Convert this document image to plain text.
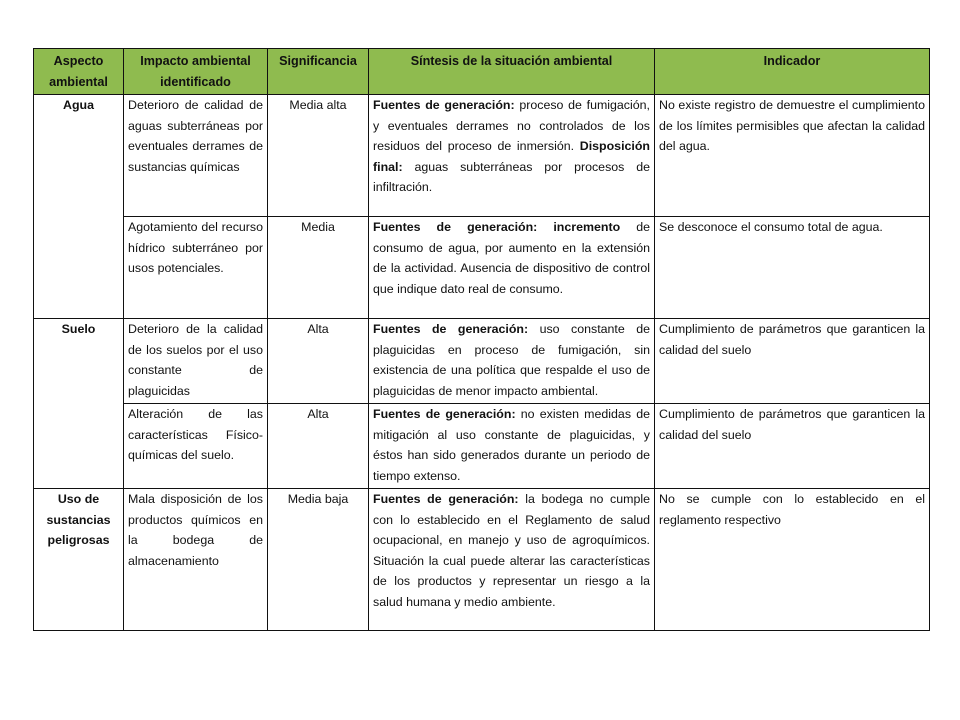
Aspecto ambiental	Impacto ambiental identificado	Significancia	Síntesis de la situación ambiental	Indicador
Agua	Deterioro de calidad de aguas subterráneas por eventuales derrames de sustancias químicas	Media alta	Fuentes de generación: proceso de fumigación, y eventuales derrames no controlados de los residuos del proceso de inmersión. Disposición final: aguas subterráneas por procesos de infiltración.	No existe registro de demuestre el cumplimiento de los límites permisibles que afectan la calidad del agua.
	Agotamiento del recurso hídrico subterráneo por usos potenciales.	Media	Fuentes de generación: incremento de consumo de agua, por aumento en la extensión de la actividad. Ausencia de dispositivo de control que indique dato real de consumo.	Se desconoce el consumo total de agua.
Suelo	Deterioro de la calidad de los suelos por el uso constante de plaguicidas	Alta	Fuentes de generación: uso constante de plaguicidas en proceso de fumigación, sin existencia de una política que respalde el uso de plaguicidas de menor impacto ambiental.	Cumplimiento de parámetros que garanticen la calidad del suelo
	Alteración de las características Físico-químicas del suelo.	Alta	Fuentes de generación: no existen medidas de mitigación al uso constante de plaguicidas, y éstos han sido generados durante un periodo de tiempo extenso.	Cumplimiento de parámetros que garanticen la calidad del suelo
Uso de sustancias peligrosas	Mala disposición de los productos químicos en la bodega de almacenamiento	Media baja	Fuentes de generación: la bodega no cumple con lo establecido en el Reglamento de salud ocupacional, en manejo y uso de agroquímicos. Situación la cual puede alterar las características de los productos y representar un riesgo a la salud humana y medio ambiente.	No se cumple con lo establecido en el reglamento respectivo
